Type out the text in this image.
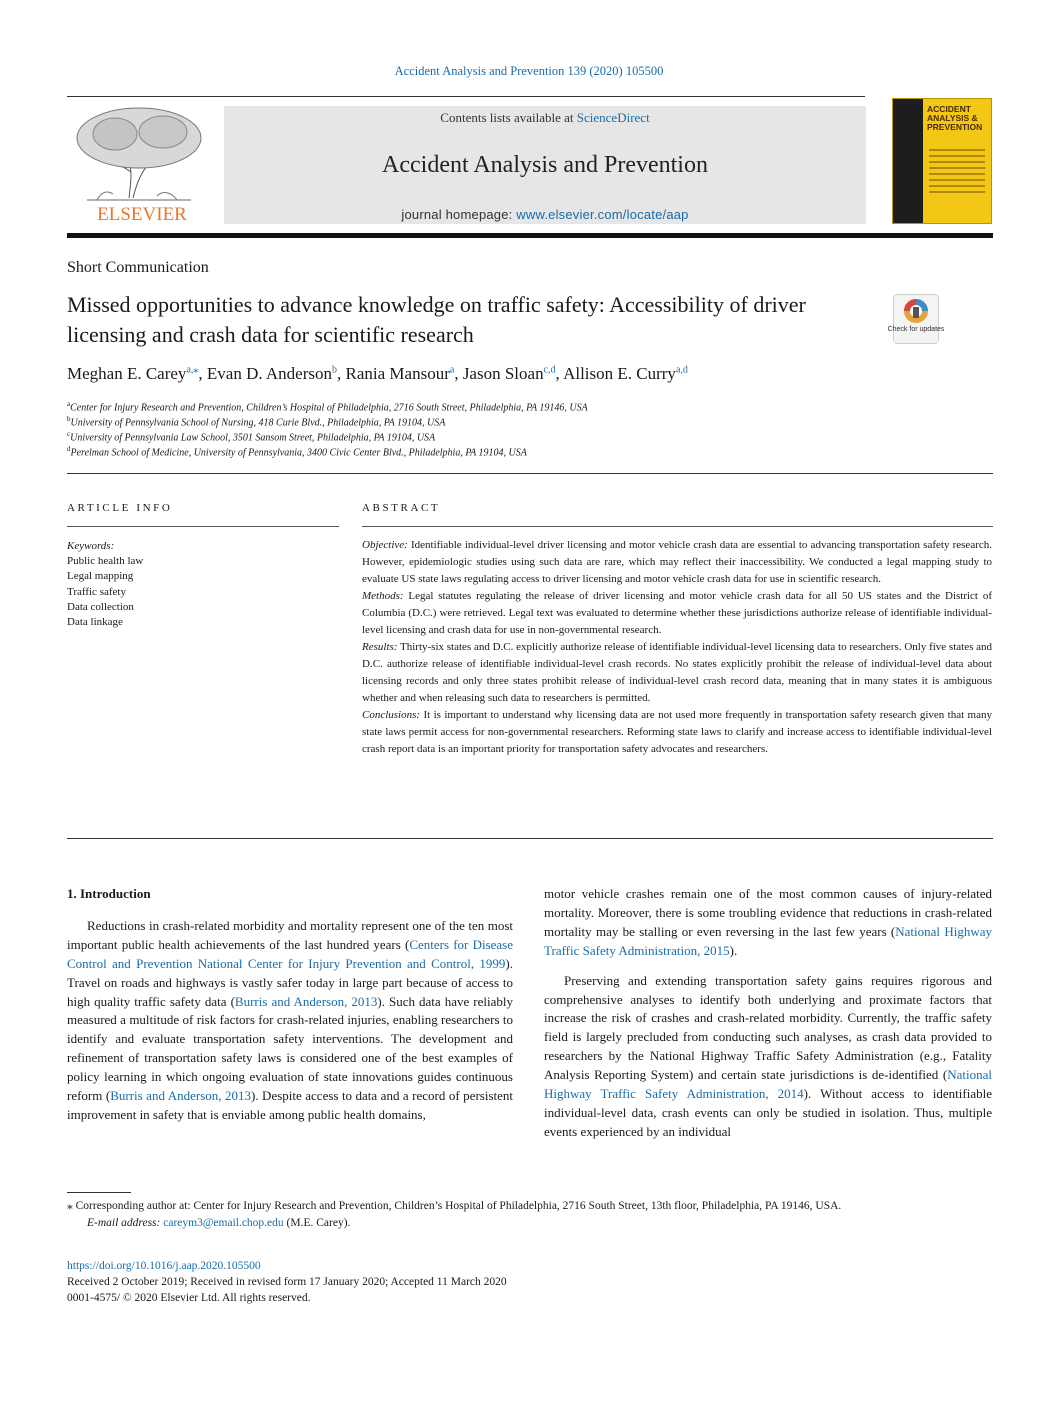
Accident Analysis and Prevention 139 (2020) 105500
ELSEVIER
Contents lists available at ScienceDirect
Accident Analysis and Prevention
journal homepage: www.elsevier.com/locate/aap
ACCIDENT ANALYSIS & PREVENTION
Short Communication
Missed opportunities to advance knowledge on traffic safety: Accessibility of driver licensing and crash data for scientific research	Check for updates
Meghan E. Carey$^{a,⁎}$, Evan D. Anderson$^b$, Rania Mansour$^a$, Jason Sloan$^{c,d}$, Allison E. Curry$^{a,d}$
$^a$Center for Injury Research and Prevention, Children’s Hospital of Philadelphia, 2716 South Street, Philadelphia, PA 19146, USA
$^b$University of Pennsylvania School of Nursing, 418 Curie Blvd., Philadelphia, PA 19104, USA
$^c$University of Pennsylvania Law School, 3501 Sansom Street, Philadelphia, PA 19104, USA
$^d$Perelman School of Medicine, University of Pennsylvania, 3400 Civic Center Blvd., Philadelphia, PA 19104, USA
ARTICLE INFO
Keywords:
Public health law
Legal mapping
Traffic safety
Data collection
Data linkage
ABSTRACT

Objective: Identifiable individual-level driver licensing and motor vehicle crash data are essential to advancing transportation safety research. However, epidemiologic studies using such data are rare, which may reflect their inaccessibility. We conducted a legal mapping study to evaluate US state laws regulating access to driver licensing and motor vehicle crash data for use in scientific research.

Methods: Legal statutes regulating the release of driver licensing and motor vehicle crash data for all 50 US states and the District of Columbia (D.C.) were retrieved. Legal text was evaluated to determine whether these jurisdictions authorize release of identifiable individual-level licensing and crash data for use in non-governmental research.

Results: Thirty-six states and D.C. explicitly authorize release of identifiable individual-level licensing data to researchers. Only five states and D.C. authorize release of identifiable individual-level crash records. No states explicitly prohibit the release of individual-level data about licensing records and only three states prohibit release of individual-level crash record data, meaning that in many states it is ambiguous whether and when releasing such data to researchers is permitted.

Conclusions: It is important to understand why licensing data are not used more frequently in transportation safety research given that many state laws permit access for non-governmental researchers. Reforming state laws to clarify and increase access to identifiable individual-level crash report data is an important priority for transportation safety advocates and researchers.

1. Introduction

Reductions in crash-related morbidity and mortality represent one of the ten most important public health achievements of the last hundred years (Centers for Disease Control and Prevention National Center for Injury Prevention and Control, 1999). Travel on roads and highways is vastly safer today in large part because of access to high quality traffic safety data (Burris and Anderson, 2013). Such data have reliably measured a multitude of risk factors for crash-related injuries, enabling researchers to identify and evaluate transportation safety interventions. The development and refinement of transportation safety laws is considered one of the best examples of policy learning in which ongoing evaluation of state innovations guides continuous reform (Burris and Anderson, 2013). Despite access to data and a record of persistent improvement in safety that is enviable among public health domains,

motor vehicle crashes remain one of the most common causes of injury-related mortality. Moreover, there is some troubling evidence that reductions in crash-related mortality may be stalling or even reversing in the last few years (National Highway Traffic Safety Administration, 2015).

Preserving and extending transportation safety gains requires rigorous and comprehensive analyses to identify both underlying and proximate factors that increase the risk of crashes and crash-related morbidity. Currently, the traffic safety field is largely precluded from conducting such analyses, as crash data provided to researchers by the National Highway Traffic Safety Administration (e.g., Fatality Analysis Reporting System) and certain state jurisdictions is de-identified (National Highway Traffic Safety Administration, 2014). Without access to identifiable individual-level data, crash events can only be studied in isolation. Thus, multiple events experienced by an individual

⁎ Corresponding author at: Center for Injury Research and Prevention, Children’s Hospital of Philadelphia, 2716 South Street, 13th floor, Philadelphia, PA 19146, USA.

E-mail address: careym3@email.chop.edu (M.E. Carey).

https://doi.org/10.1016/j.aap.2020.105500

Received 2 October 2019; Received in revised form 17 January 2020; Accepted 11 March 2020

0001-4575/ © 2020 Elsevier Ltd. All rights reserved.
